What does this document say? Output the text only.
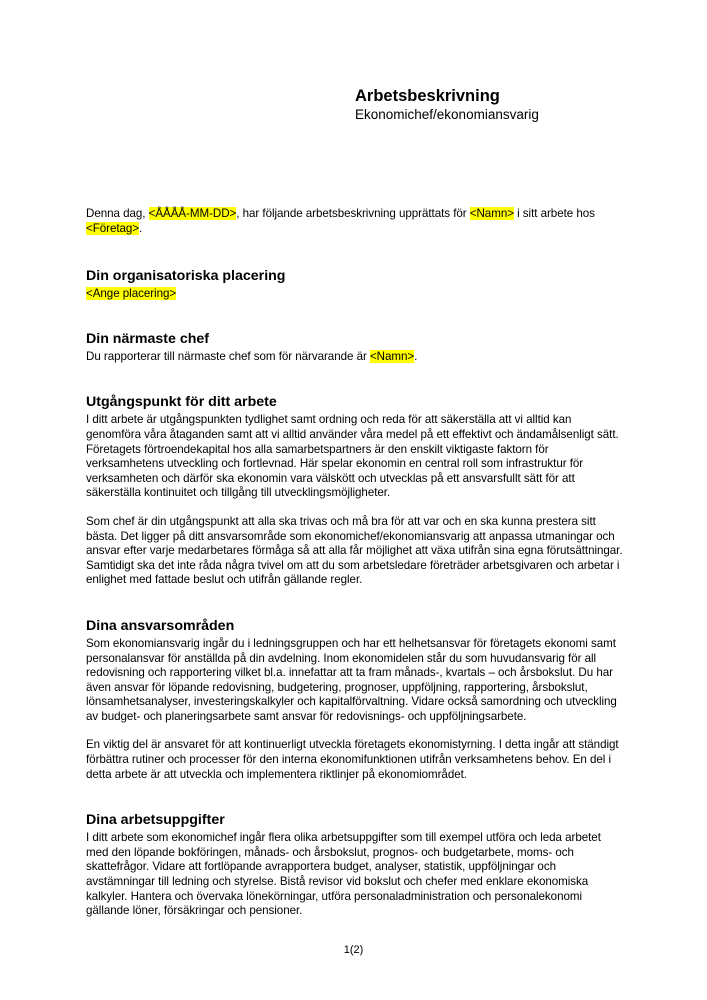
Arbetsbeskrivning
Ekonomichef/ekonomiansvarig

Denna dag, <ÅÅÅÅ-MM-DD>, har följande arbetsbeskrivning upprättats för <Namn> i sitt arbete hos <Företag>.

Din organisatoriska placering

<Ange placering>

Din närmaste chef

Du rapporterar till närmaste chef som för närvarande är <Namn>.

Utgångspunkt för ditt arbete

I ditt arbete är utgångspunkten tydlighet samt ordning och reda för att säkerställa att vi alltid kan genomföra våra åtaganden samt att vi alltid använder våra medel på ett effektivt och ändamålsenligt sätt. Företagets förtroendekapital hos alla samarbetspartners är den enskilt viktigaste faktorn för verksamhetens utveckling och fortlevnad. Här spelar ekonomin en central roll som infrastruktur för verksamheten och därför ska ekonomin vara välskött och utvecklas på ett ansvarsfullt sätt för att säkerställa kontinuitet och tillgång till utvecklingsmöjligheter.

Som chef är din utgångspunkt att alla ska trivas och må bra för att var och en ska kunna prestera sitt bästa. Det ligger på ditt ansvarsområde som ekonomichef/ekonomiansvarig att anpassa utmaningar och ansvar efter varje medarbetares förmåga så att alla får möjlighet att växa utifrån sina egna förutsättningar. Samtidigt ska det inte råda några tvivel om att du som arbetsledare företräder arbetsgivaren och arbetar i enlighet med fattade beslut och utifrån gällande regler.

Dina ansvarsområden

Som ekonomiansvarig ingår du i ledningsgruppen och har ett helhetsansvar för företagets ekonomi samt personalansvar för anställda på din avdelning. Inom ekonomidelen står du som huvudansvarig för all redovisning och rapportering vilket bl.a. innefattar att ta fram månads-, kvartals – och årsbokslut. Du har även ansvar för löpande redovisning, budgetering, prognoser, uppföljning, rapportering, årsbokslut, lönsamhetsanalyser, investeringskalkyler och kapitalförvaltning. Vidare också samordning och utveckling av budget- och planeringsarbete samt ansvar för redovisnings- och uppföljningsarbete.

En viktig del är ansvaret för att kontinuerligt utveckla företagets ekonomistyrning. I detta ingår att ständigt förbättra rutiner och processer för den interna ekonomifunktionen utifrån verksamhetens behov. En del i detta arbete är att utveckla och implementera riktlinjer på ekonomiområdet.

Dina arbetsuppgifter

I ditt arbete som ekonomichef ingår flera olika arbetsuppgifter som till exempel utföra och leda arbetet med den löpande bokföringen, månads- och årsbokslut, prognos- och budgetarbete, moms- och skattefrågor. Vidare att fortlöpande avrapportera budget, analyser, statistik, uppföljningar och avstämningar till ledning och styrelse. Bistå revisor vid bokslut och chefer med enklare ekonomiska kalkyler. Hantera och övervaka lönekörningar, utföra personaladministration och personalekonomi gällande löner, försäkringar och pensioner.

1(2)
